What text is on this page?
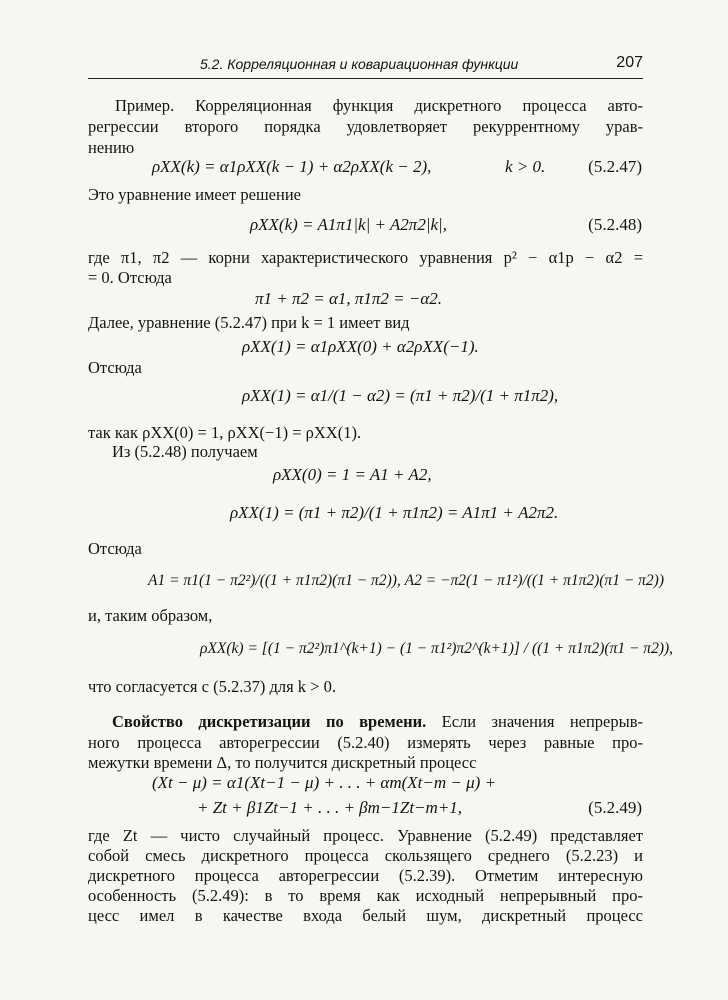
5.2. Корреляционная и ковариационная функции	207
Пример. Корреляционная функция дискретного процесса авто-
регрессии второго порядка удовлетворяет рекуррентному урав-
нению
ρXX(k) = α1ρXX(k − 1) + α2ρXX(k − 2),	k > 0.	(5.2.47)
Это уравнение имеет решение
ρXX(k) = A1π1|k| + A2π2|k|,	(5.2.48)
где π1, π2 — корни характеристического уравнения p² − α1p − α2 =
= 0. Отсюда
π1 + π2 = α1, π1π2 = −α2.
Далее, уравнение (5.2.47) при k = 1 имеет вид
ρXX(1) = α1ρXX(0) + α2ρXX(−1).
Отсюда
ρXX(1) = α1/(1 − α2) = (π1 + π2)/(1 + π1π2),
так как ρXX(0) = 1, ρXX(−1) = ρXX(1).
Из (5.2.48) получаем
ρXX(0) = 1 = A1 + A2,
ρXX(1) = (π1 + π2)/(1 + π1π2) = A1π1 + A2π2.
Отсюда
A1 = π1(1 − π2²)/((1 + π1π2)(π1 − π2)), A2 = −π2(1 − π1²)/((1 + π1π2)(π1 − π2))
и, таким образом,
ρXX(k) = [(1 − π2²)π1^(k+1) − (1 − π1²)π2^(k+1)] / ((1 + π1π2)(π1 − π2)),
что согласуется с (5.2.37) для k > 0.
Свойство дискретизации по времени. Если значения непрерыв-
ного процесса авторегрессии (5.2.40) измерять через равные про-
межутки времени Δ, то получится дискретный процесс
(Xt − μ) = α1(Xt−1 − μ) + . . . + αm(Xt−m − μ) +
+ Zt + β1Zt−1 + . . . + βm−1Zt−m+1,	(5.2.49)
где Zt — чисто случайный процесс. Уравнение (5.2.49) представляет
собой смесь дискретного процесса скользящего среднего (5.2.23) и
дискретного процесса авторегрессии (5.2.39). Отметим интересную
особенность (5.2.49): в то время как исходный непрерывный про-
цесс имел в качестве входа белый шум, дискретный процесс
